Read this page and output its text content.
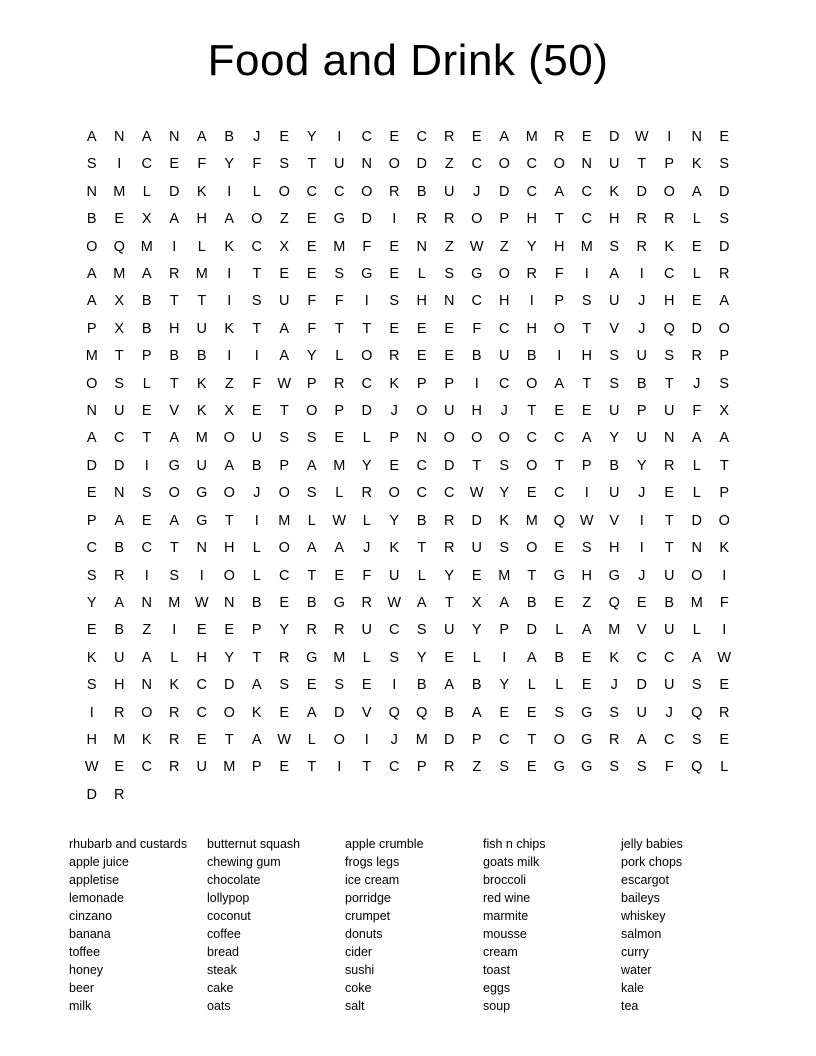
Food and Drink (50)
A N A N A B J E Y I C E C R E A M R E D W I N E
S I C E F Y F S T U N O D Z C O C O N U T P K S
N M L D K I L O C C O R B U J D C A C K D O A D
B E X A H A O Z E G D I R R O P H T C H R R L S
O Q M I L K C X E M F E N Z W Z Y H M S R K E D
A M A R M I T E E S G E L S G O R F I A I C L R
A X B T T I S U F F I S H N C H I P S U J H E A
P X B H U K T A F T T E E E F C H O T V J Q D O
M T P B B I I A Y L O R E E B U B I H S U S R P
O S L T K Z F W P R C K P P I C O A T S B T J S
N U E V K X E T O P D J O U H J T E E U P U F X
A C T A M O U S S E L P N O O O C C A Y U N A A
D D I G U A B P A M Y E C D T S O T P B Y R L T
E N S O G O J O S L R O C C W Y E C I U J E L P
P A E A G T I M L W L Y B R D K M Q W V I T D O
C B C T N H L O A A J K T R U S O E S H I T N K
S R I S I O L C T E F U L Y E M T G H G J U O I
Y A N M W N B E B G R W A T X A B E Z Q E B M F
E B Z I E E P Y R R U C S U Y P D L A M V U L I
K U A L H Y T R G M L S Y E L I A B E K C C A W
S H N K C D A S E S E I B A B Y L L E J D U S E
I R O R C O K E A D V Q Q B A E E S G S U J Q R
H M K R E T A W L O I J M D P C T O G R A C S E
W E C R U M P E T I T C P R Z S E G G S S F Q L
D R
rhubarb and custards
apple juice
appletise
lemonade
cinzano
banana
toffee
honey
beer
milk
butternut squash
chewing gum
chocolate
lollypop
coconut
coffee
bread
steak
cake
oats
apple crumble
frogs legs
ice cream
porridge
crumpet
donuts
cider
sushi
coke
salt
fish n chips
goats milk
broccoli
red wine
marmite
mousse
cream
toast
eggs
soup
jelly babies
pork chops
escargot
baileys
whiskey
salmon
curry
water
kale
tea
